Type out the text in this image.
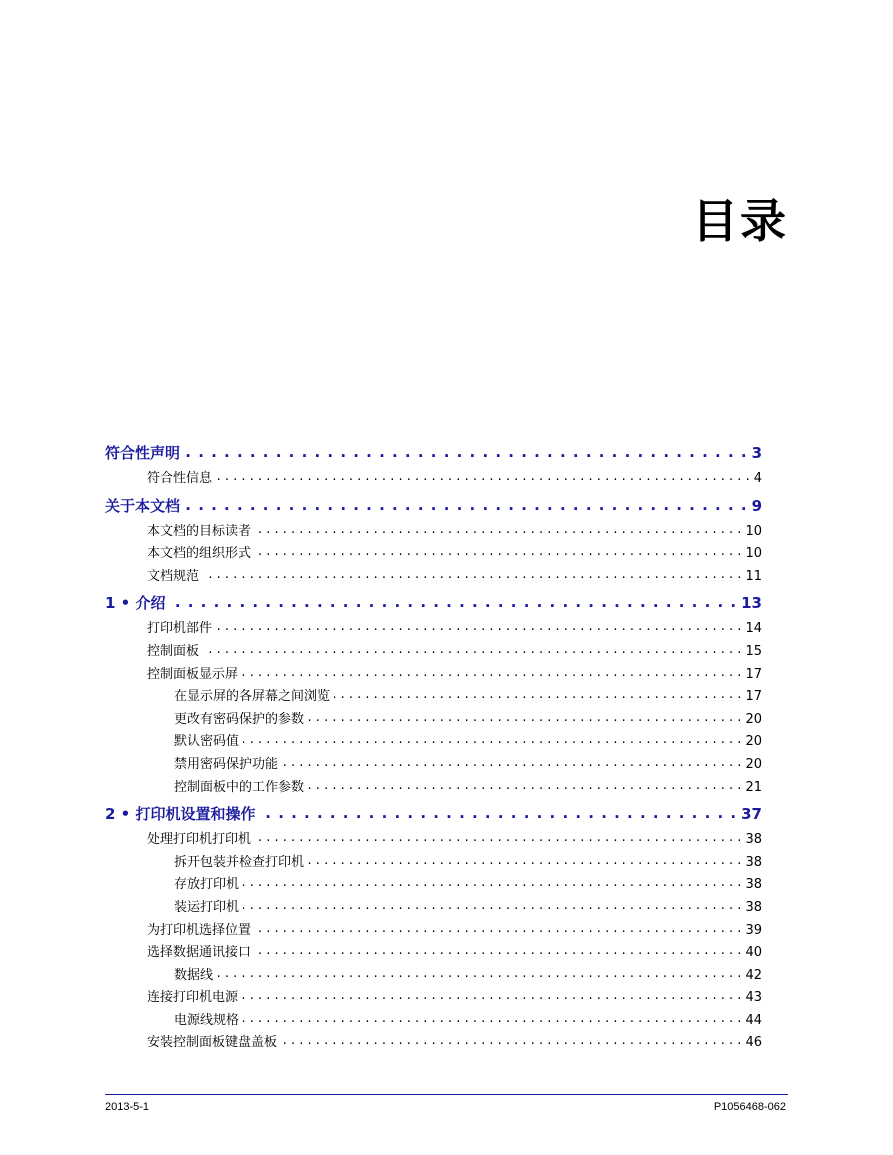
目录
符合性声明 . . .	3
符合性信息 . . .	4
关于本文档 . . .	9
本文档的目标读者 . . .	10
本文档的组织形式 . . .	10
文档规范 . . .	11
1 • 介绍 . . .	13
打印机部件 . . .	14
控制面板 . . .	15
控制面板显示屏 . . .	17
在显示屏的各屏幕之间浏览 . . .	17
更改有密码保护的参数 . . .	20
默认密码值 . . .	20
禁用密码保护功能 . . .	20
控制面板中的工作参数 . . .	21
2 • 打印机设置和操作 . . .	37
处理打印机打印机 . . .	38
拆开包装并检查打印机 . . .	38
存放打印机 . . .	38
装运打印机 . . .	38
为打印机选择位置 . . .	39
选择数据通讯接口 . . .	40
数据线 . . .	42
连接打印机电源 . . .	43
电源线规格 . . .	44
安装控制面板键盘盖板 . . .	46
2013-5-1	P1056468-062
